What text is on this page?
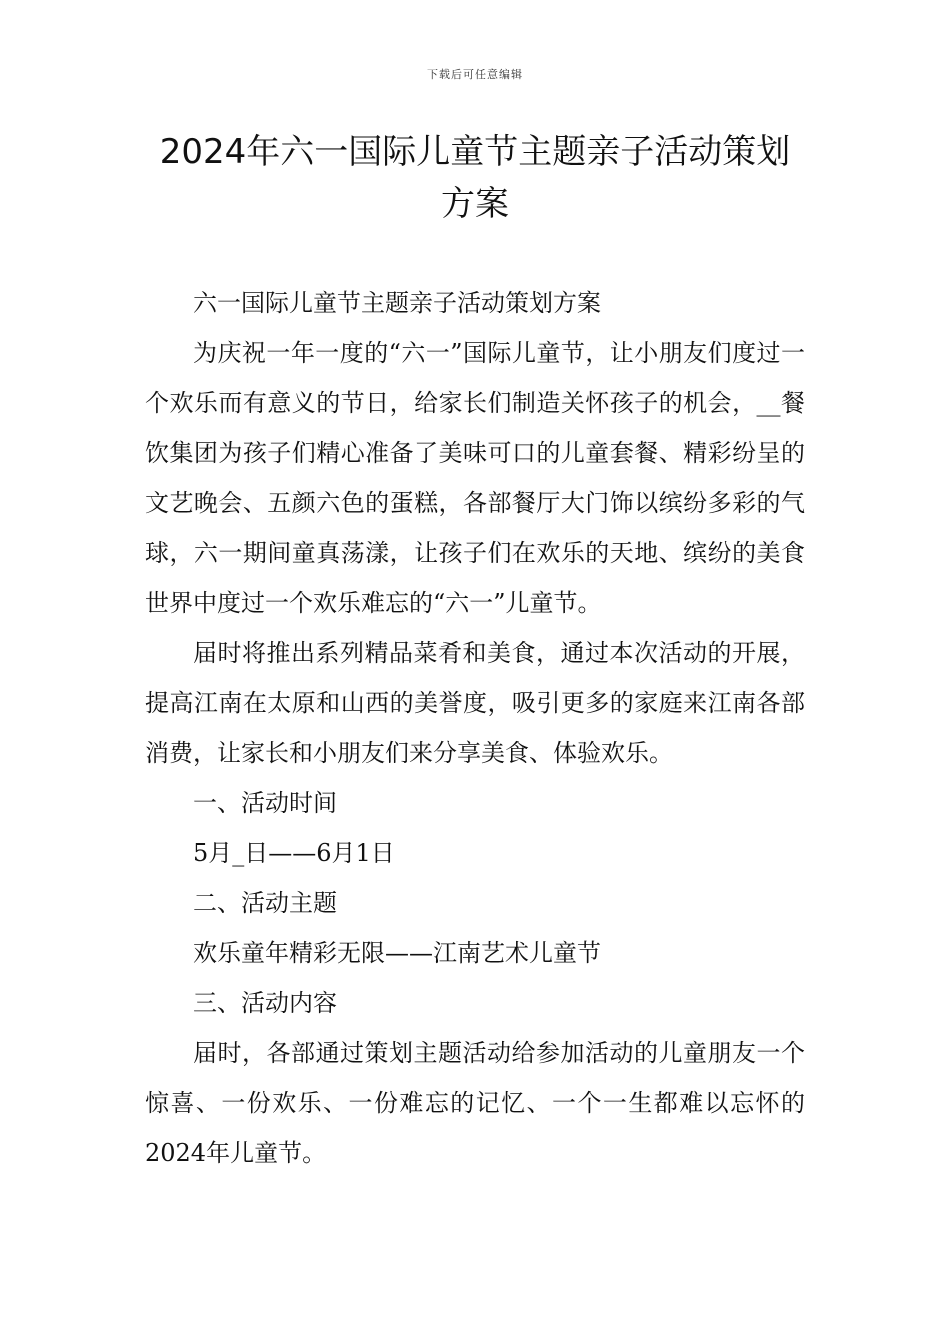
下载后可任意编辑
2024年六一国际儿童节主题亲子活动策划方案

六一国际儿童节主题亲子活动策划方案

为庆祝一年一度的“六一”国际儿童节，让小朋友们度过一个欢乐而有意义的节日，给家长们制造关怀孩子的机会，__餐饮集团为孩子们精心准备了美味可口的儿童套餐、精彩纷呈的文艺晚会、五颜六色的蛋糕，各部餐厅大门饰以缤纷多彩的气球，六一期间童真荡漾，让孩子们在欢乐的天地、缤纷的美食世界中度过一个欢乐难忘的“六一”儿童节。

届时将推出系列精品菜肴和美食，通过本次活动的开展，提高江南在太原和山西的美誉度，吸引更多的家庭来江南各部消费，让家长和小朋友们来分享美食、体验欢乐。

一、活动时间

5月_日——6月1日

二、活动主题

欢乐童年精彩无限——江南艺术儿童节

三、活动内容

届时，各部通过策划主题活动给参加活动的儿童朋友一个惊喜、一份欢乐、一份难忘的记忆、一个一生都难以忘怀的2024年儿童节。
